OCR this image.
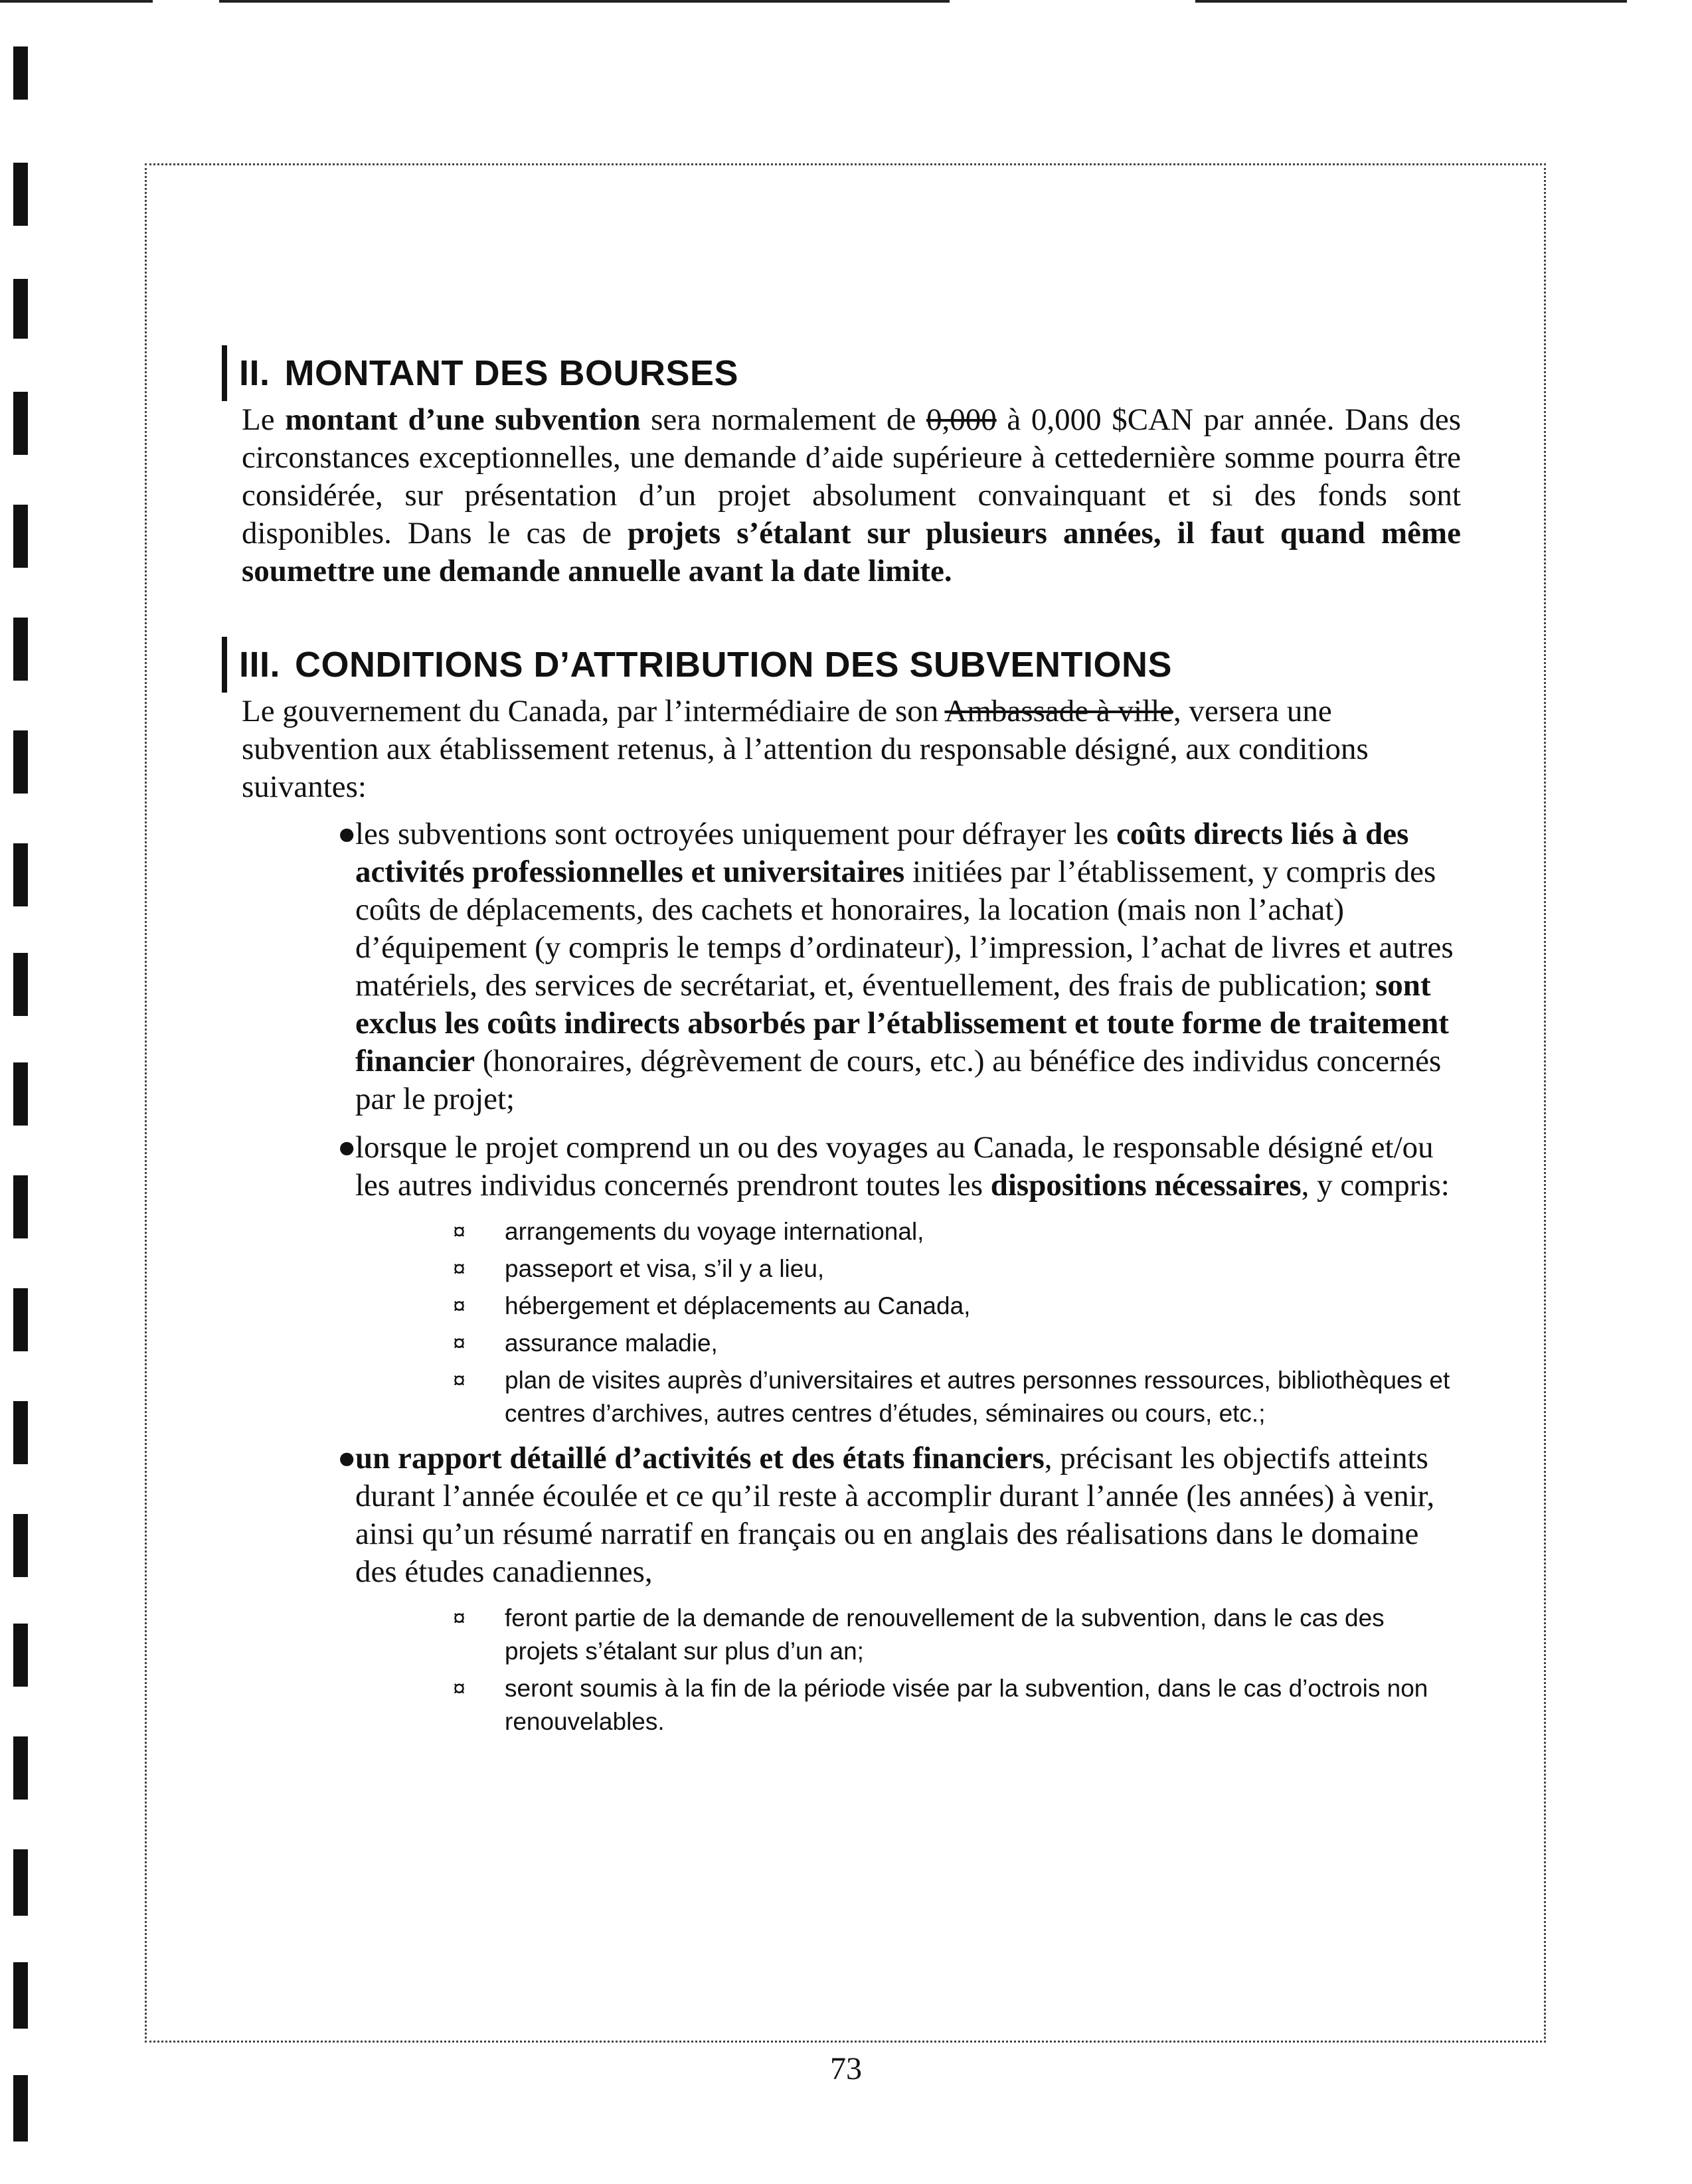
II. MONTANT DES BOURSES

Le montant d’une subvention sera normalement de 0,000 à 0,000 $CAN par année. Dans des circonstances exceptionnelles, une demande d’aide supérieure à cettedernière somme pourra être considérée, sur présentation d’un projet absolument convainquant et si des fonds sont disponibles. Dans le cas de projets s’étalant sur plusieurs années, il faut quand même soumettre une demande annuelle avant la date limite.

III. CONDITIONS D’ATTRIBUTION DES SUBVENTIONS

Le gouvernement du Canada, par l’intermédiaire de son Ambassade à ville, versera une subvention aux établissement retenus, à l’attention du responsable désigné, aux conditions suivantes:

●
les subventions sont octroyées uniquement pour défrayer les coûts directs liés à des activités professionnelles et universitaires initiées par l’établissement, y compris des coûts de déplacements, des cachets et honoraires, la location (mais non l’achat) d’équipement (y compris le temps d’ordinateur), l’impression, l’achat de livres et autres matériels, des services de secrétariat, et, éventuellement, des frais de publication; sont exclus les coûts indirects absorbés par l’établissement et toute forme de traitement financier (honoraires, dégrèvement de cours, etc.) au bénéfice des individus concernés par le projet;
●
lorsque le projet comprend un ou des voyages au Canada, le responsable désigné et/ou les autres individus concernés prendront toutes les dispositions nécessaires, y compris:
¤ arrangements du voyage international,
¤ passeport et visa, s’il y a lieu,
¤ hébergement et déplacements au Canada,
¤ assurance maladie,
¤ plan de visites auprès d’universitaires et autres personnes ressources, bibliothèques et centres d’archives, autres centres d’études, séminaires ou cours, etc.;
●
un rapport détaillé d’activités et des états financiers, précisant les objectifs atteints durant l’année écoulée et ce qu’il reste à accomplir durant l’année (les années) à venir, ainsi qu’un résumé narratif en français ou en anglais des réalisations dans le domaine des études canadiennes,
¤ feront partie de la demande de renouvellement de la subvention, dans le cas des projets s’étalant sur plus d’un an;
¤ seront soumis à la fin de la période visée par la subvention, dans le cas d’octrois non renouvelables.
73
